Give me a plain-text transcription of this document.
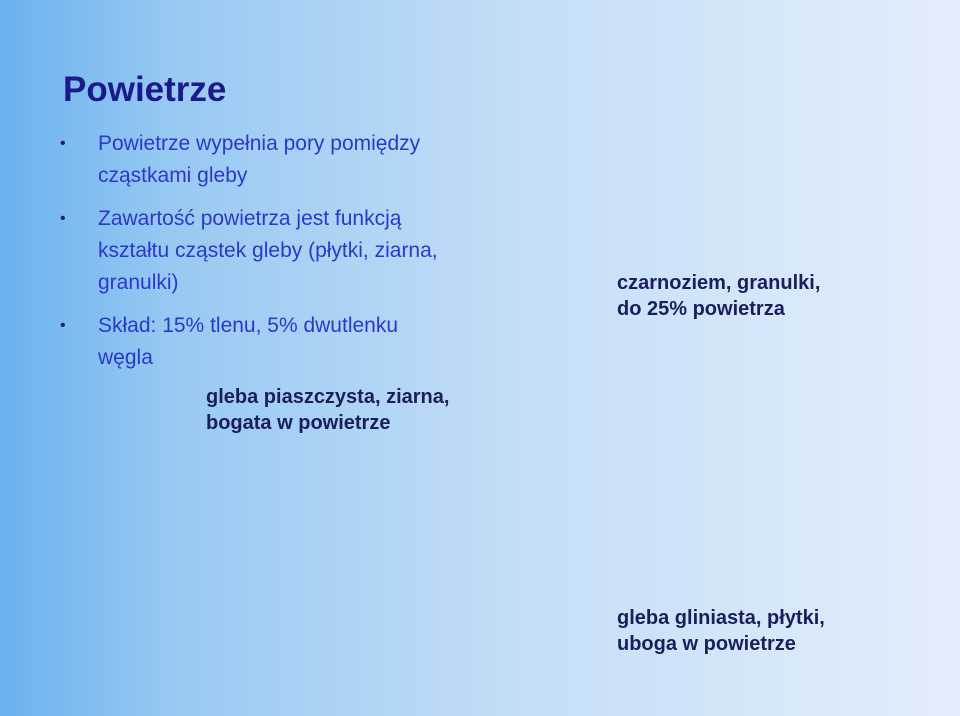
Powietrze
• Powietrze wypełnia pory pomiędzy
cząstkami gleby
• Zawartość powietrza jest funkcją
kształtu cząstek gleby (płytki, ziarna,
granulki)
• Skład: 15% tlenu, 5% dwutlenku
węgla

czarnoziem, granulki,
do 25% powietrza

gleba piaszczysta, ziarna,
bogata w powietrze

gleba gliniasta, płytki,
uboga w powietrze
